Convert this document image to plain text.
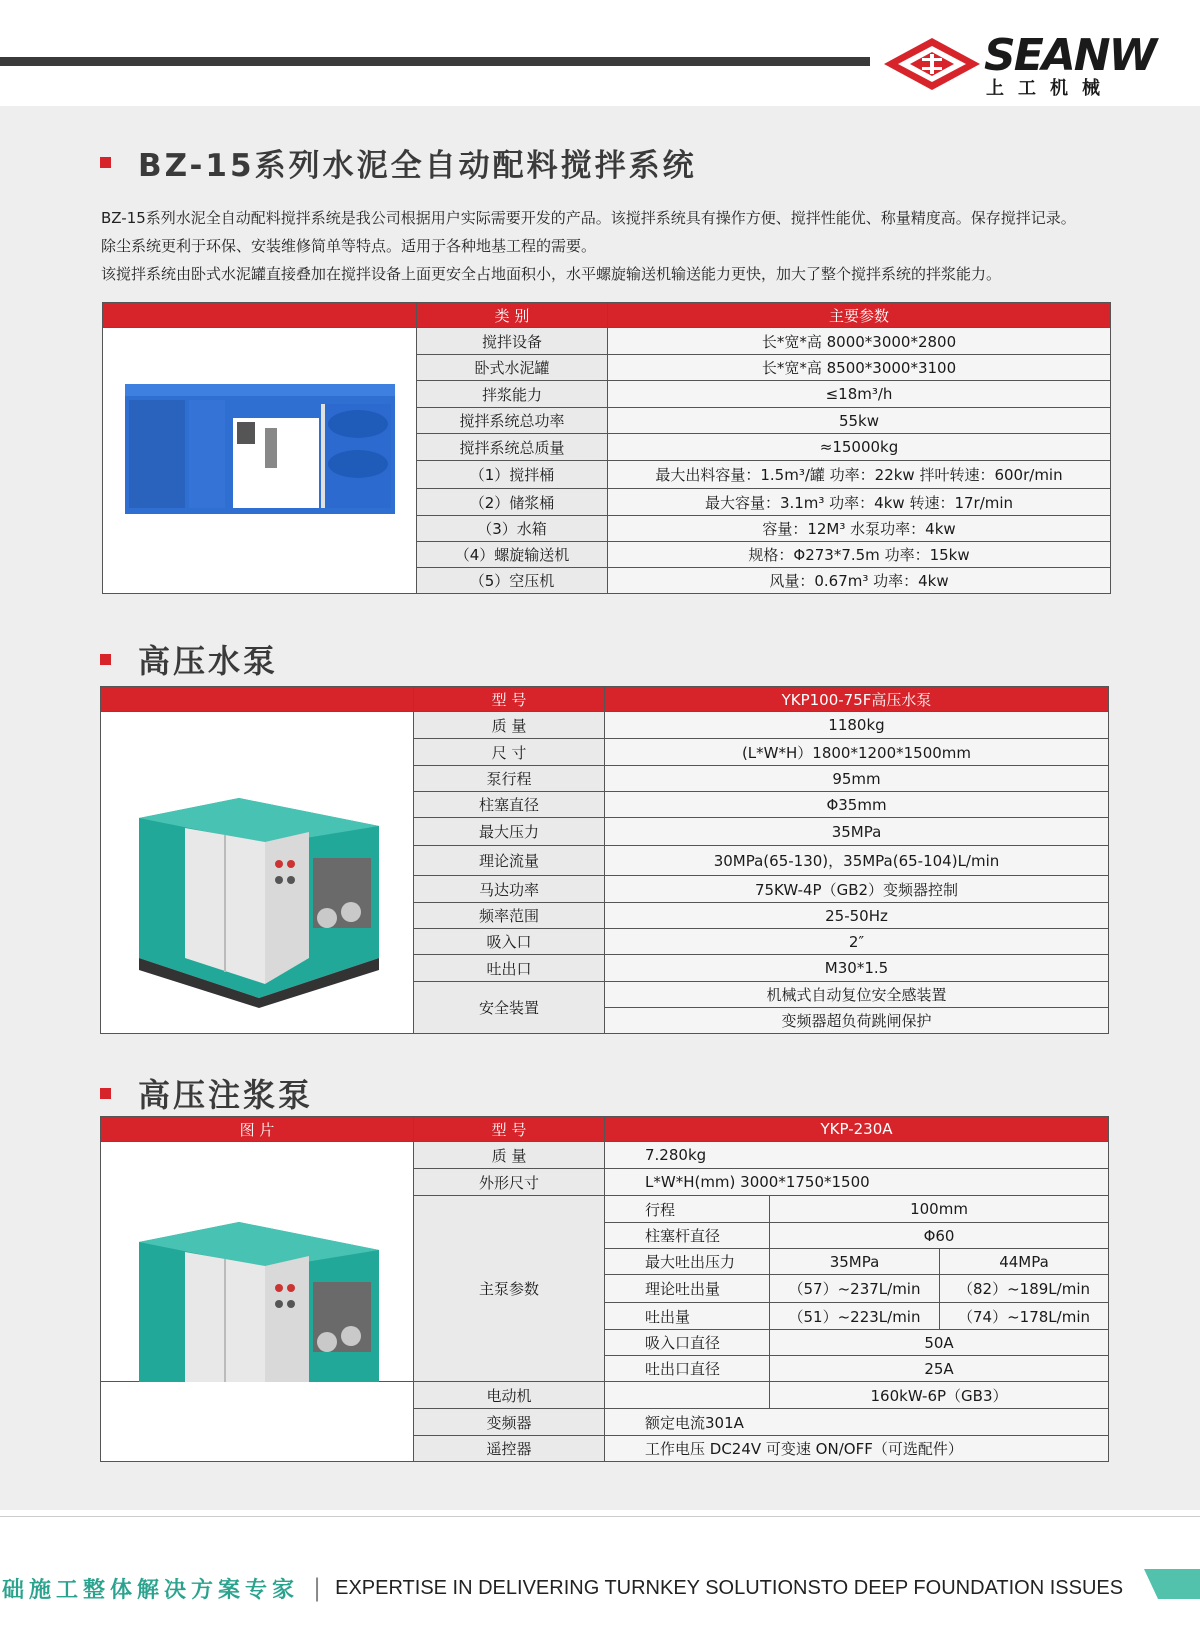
SEANW
上工机械
BZ-15系列水泥全自动配料搅拌系统
BZ-15系列水泥全自动配料搅拌系统是我公司根据用户实际需要开发的产品。该搅拌系统具有操作方便、搅拌性能优、称量精度高。保存搅拌记录。
除尘系统更利于环保、安装维修简单等特点。适用于各种地基工程的需要。
该搅拌系统由卧式水泥罐直接叠加在搅拌设备上面更安全占地面积小，水平螺旋输送机输送能力更快，加大了整个搅拌系统的拌浆能力。
	类 别	主要参数

	搅拌设备	长*宽*高 8000*3000*2800
	卧式水泥罐	长*宽*高 8500*3000*3100
	拌浆能力	≤18m³/h
	搅拌系统总功率	55kw
	搅拌系统总质量	≈15000kg
	（1）搅拌桶	最大出料容量：1.5m³/罐 功率：22kw 拌叶转速：600r/min
	（2）储浆桶	最大容量：3.1m³ 功率：4kw 转速：17r/min
	（3）水箱	容量：12M³ 水泵功率：4kw
	（4）螺旋输送机	规格：Φ273*7.5m 功率：15kw
	（5）空压机	风量：0.67m³ 功率：4kw
高压水泵
	型 号	YKP100-75F高压水泵

	质 量	1180kg
	尺 寸	(L*W*H）1800*1200*1500mm
	泵行程	95mm
	柱塞直径	Φ35mm
	最大压力	35MPa
	理论流量	30MPa(65-130)，35MPa(65-104)L/min
	马达功率	75KW-4P（GB2）变频器控制
	频率范围	25-50Hz
	吸入口	2″
	吐出口	M30*1.5
	安全装置	机械式自动复位安全感装置
		变频器超负荷跳闸保护
高压注浆泵
图 片	型 号	YKP-230A		

	质 量	7.280kg		
	外形尺寸	L*W*H(mm) 3000*1750*1500		
	主泵参数	行程	100mm	
		柱塞杆直径	Φ60	
		最大吐出压力	35MPa	44MPa
		理论吐出量	（57）~237L/min	（82）~189L/min
		吐出量	（51）~223L/min	（74）~178L/min
		吸入口直径	50A	
		吐出口直径	25A	
	电动机		160kW-6P（GB3）	
	变频器	额定电流301A		
	遥控器	工作电压 DC24V 可变速 ON/OFF（可选配件）		
础施工整体解决方案专家 | EXPERTISE IN DELIVERING TURNKEY SOLUTIONSTO DEEP FOUNDATION ISSUES
